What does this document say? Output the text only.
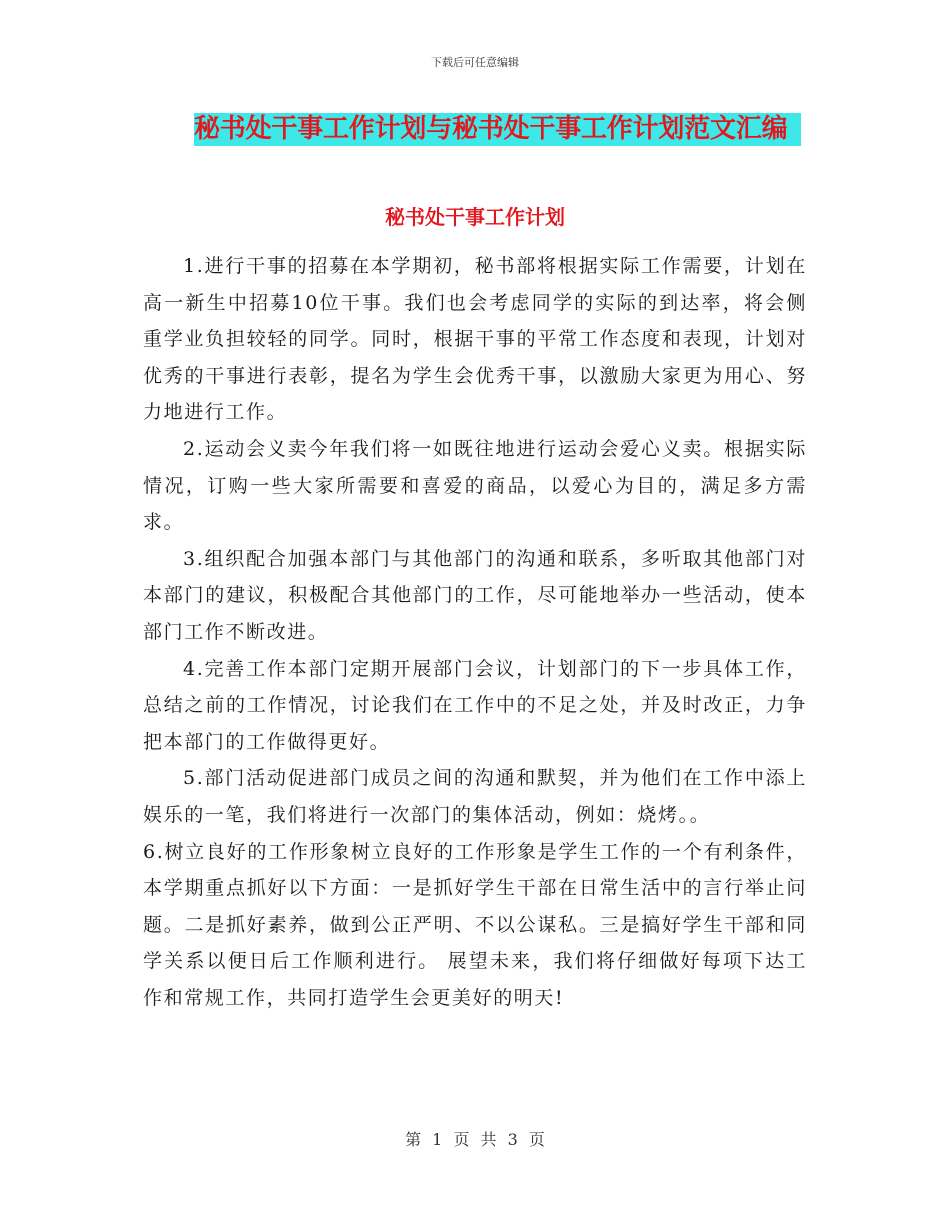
下载后可任意编辑
秘书处干事工作计划与秘书处干事工作计划范文汇编
秘书处干事工作计划

1.进行干事的招募在本学期初，秘书部将根据实际工作需要，计划在高一新生中招募10位干事。我们也会考虑同学的实际的到达率，将会侧重学业负担较轻的同学。同时，根据干事的平常工作态度和表现，计划对优秀的干事进行表彰，提名为学生会优秀干事，以激励大家更为用心、努力地进行工作。

2.运动会义卖今年我们将一如既往地进行运动会爱心义卖。根据实际情况，订购一些大家所需要和喜爱的商品，以爱心为目的，满足多方需求。

3.组织配合加强本部门与其他部门的沟通和联系，多听取其他部门对本部门的建议，积极配合其他部门的工作，尽可能地举办一些活动，使本部门工作不断改进。

4.完善工作本部门定期开展部门会议，计划部门的下一步具体工作，总结之前的工作情况，讨论我们在工作中的不足之处，并及时改正，力争把本部门的工作做得更好。

5.部门活动促进部门成员之间的沟通和默契，并为他们在工作中添上娱乐的一笔，我们将进行一次部门的集体活动，例如：烧烤。。

6.树立良好的工作形象树立良好的工作形象是学生工作的一个有利条件，本学期重点抓好以下方面：一是抓好学生干部在日常生活中的言行举止问题。二是抓好素养，做到公正严明、不以公谋私。三是搞好学生干部和同学关系以便日后工作顺利进行。 展望未来，我们将仔细做好每项下达工作和常规工作，共同打造学生会更美好的明天!

第 1 页 共 3 页
